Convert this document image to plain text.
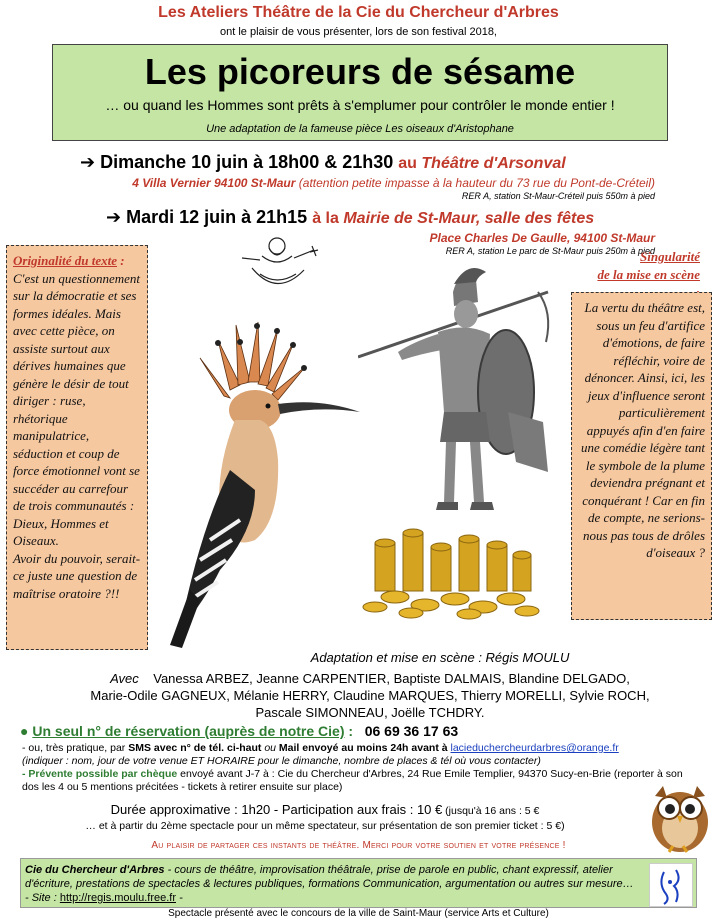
Les Ateliers Théâtre de la Cie du Chercheur d'Arbres
ont le plaisir de vous présenter, lors de son festival 2018,
Les picoreurs de sésame
… ou quand les Hommes sont prêts à s'emplumer pour contrôler le monde entier !
Une adaptation de la fameuse pièce Les oiseaux d'Aristophane
➔ Dimanche 10 juin à 18h00 & 21h30 au Théâtre d'Arsonval
4 Villa Vernier 94100 St-Maur (attention petite impasse à la hauteur du 73 rue du Pont-de-Créteil)
RER A, station St-Maur-Créteil puis 550m à pied
➔ Mardi 12 juin à 21h15 à la Mairie de St-Maur, salle des fêtes
Place Charles De Gaulle, 94100 St-Maur
RER A, station Le parc de St-Maur puis 250m à pied
Originalité du texte :
C'est un questionnement sur la démocratie et ses formes idéales. Mais avec cette pièce, on assiste surtout aux dérives humaines que génère le désir de tout diriger : ruse, rhétorique manipulatrice, séduction et coup de force émotionnel vont se succéder au carrefour de trois communautés : Dieux, Hommes et Oiseaux.
Avoir du pouvoir, serait-ce juste une question de maîtrise oratoire ?!!
Singularité
de la mise en scène
La vertu du théâtre est, sous un feu d'artifice d'émotions, de faire réfléchir, voire de dénoncer. Ainsi, ici, les jeux d'influence seront particulièrement appuyés afin d'en faire une comédie légère tant le symbole de la plume deviendra prégnant et conquérant ! Car en fin de compte, ne serions-nous pas tous de drôles d'oiseaux ?
Adaptation et mise en scène : Régis MOULU
Avec Vanessa ARBEZ, Jeanne CARPENTIER, Baptiste DALMAIS, Blandine DELGADO,
Marie-Odile GAGNEUX, Mélanie HERRY, Claudine MARQUES, Thierry MORELLI, Sylvie ROCH,
Pascale SIMONNEAU, Joëlle TCHDRY.
● Un seul n° de réservation (auprès de notre Cie) : 06 69 36 17 63
- ou, très pratique, par SMS avec n° de tél. ci-haut ou Mail envoyé au moins 24h avant à lacieduchercheurdarbres@orange.fr
(indiquer : nom, jour de votre venue ET HORAIRE pour le dimanche, nombre de places & tél où vous contacter)
- Prévente possible par chèque envoyé avant J-7 à : Cie du Chercheur d'Arbres, 24 Rue Emile Templier, 94370 Sucy-en-Brie (reporter à son dos les 4 ou 5 mentions précitées - tickets à retirer ensuite sur place)
Durée approximative : 1h20 - Participation aux frais : 10 € (jusqu'à 16 ans : 5 €
… et à partir du 2ème spectacle pour un même spectateur, sur présentation de son premier ticket : 5 €)
Au plaisir de partager ces instants de théâtre. Merci pour votre soutien et votre présence !
Cie du Chercheur d'Arbres - cours de théâtre, improvisation théâtrale, prise de parole en public, chant expressif, atelier d'écriture, prestations de spectacles & lectures publiques, formations Communication, argumentation ou autres sur mesure… - Site : http://regis.moulu.free.fr -
Spectacle présenté avec le concours de la ville de Saint-Maur (service Arts et Culture)
